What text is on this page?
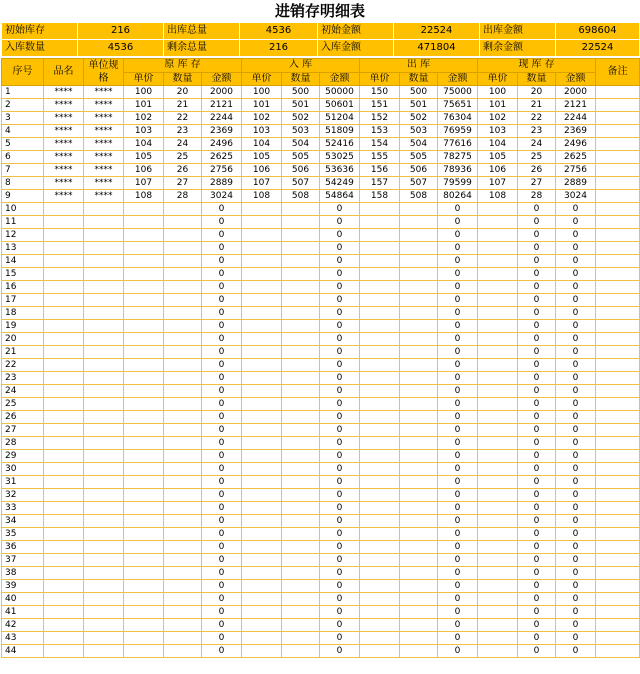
进销存明细表
初始库存	216	出库总量	4536	初始金额	22524	出库金额	698604
入库数量	4536	剩余总量	216	入库金额	471804	剩余金额	22524
序号	品名	单位规格	原 库 存			入 库			出 库			现 库 存			备注
			单价	数量	金额	单价	数量	金额	单价	数量	金额	单价	数量	金额	
1	****	****	100	20	2000	100	500	50000	150	500	75000	100	20	2000	
2	****	****	101	21	2121	101	501	50601	151	501	75651	101	21	2121	
3	****	****	102	22	2244	102	502	51204	152	502	76304	102	22	2244	
4	****	****	103	23	2369	103	503	51809	153	503	76959	103	23	2369	
5	****	****	104	24	2496	104	504	52416	154	504	77616	104	24	2496	
6	****	****	105	25	2625	105	505	53025	155	505	78275	105	25	2625	
7	****	****	106	26	2756	106	506	53636	156	506	78936	106	26	2756	
8	****	****	107	27	2889	107	507	54249	157	507	79599	107	27	2889	
9	****	****	108	28	3024	108	508	54864	158	508	80264	108	28	3024	
10					0			0			0		0	0	
11					0			0			0		0	0	
12					0			0			0		0	0	
13					0			0			0		0	0	
14					0			0			0		0	0	
15					0			0			0		0	0	
16					0			0			0		0	0	
17					0			0			0		0	0	
18					0			0			0		0	0	
19					0			0			0		0	0	
20					0			0			0		0	0	
21					0			0			0		0	0	
22					0			0			0		0	0	
23					0			0			0		0	0	
24					0			0			0		0	0	
25					0			0			0		0	0	
26					0			0			0		0	0	
27					0			0			0		0	0	
28					0			0			0		0	0	
29					0			0			0		0	0	
30					0			0			0		0	0	
31					0			0			0		0	0	
32					0			0			0		0	0	
33					0			0			0		0	0	
34					0			0			0		0	0	
35					0			0			0		0	0	
36					0			0			0		0	0	
37					0			0			0		0	0	
38					0			0			0		0	0	
39					0			0			0		0	0	
40					0			0			0		0	0	
41					0			0			0		0	0	
42					0			0			0		0	0	
43					0			0			0		0	0	
44					0			0			0		0	0	
